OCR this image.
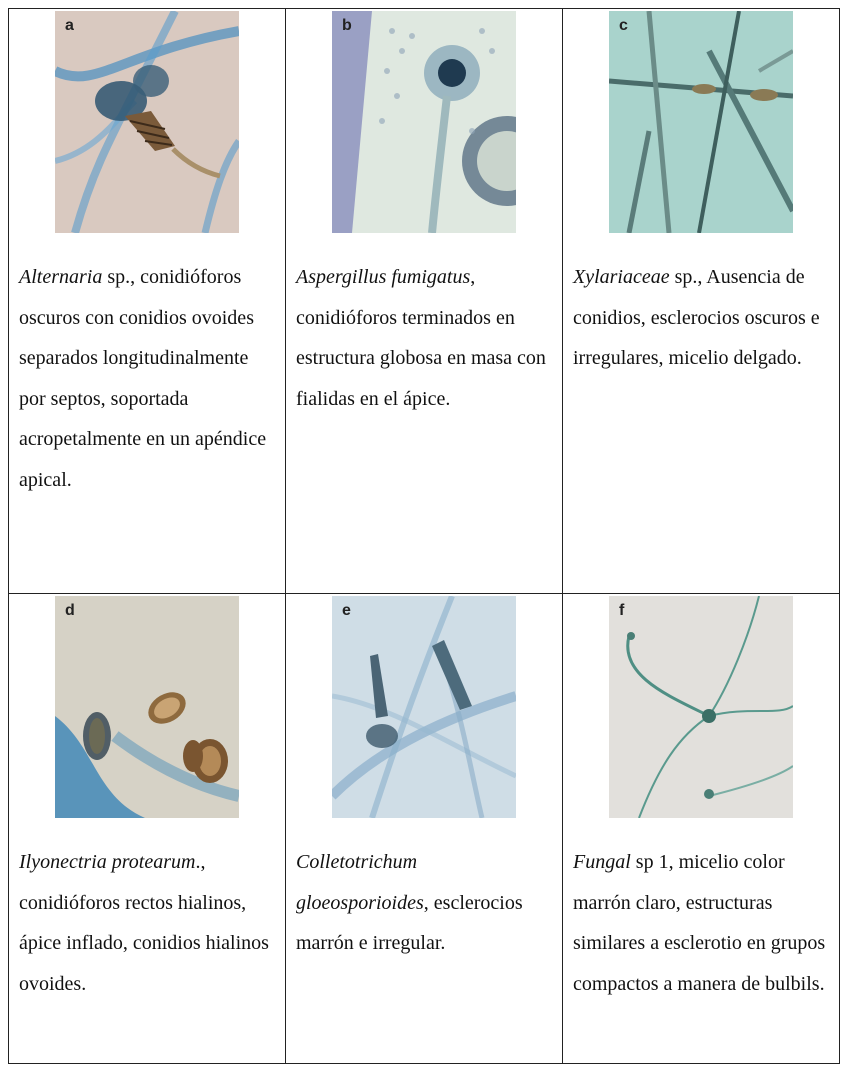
a
Alternaria sp., conidióforos oscuros con conidios ovoides separados longitudinalmente por septos, soportada acropetalmente en un apéndice apical.
b
Aspergillus fumigatus, conidióforos terminados en estructura globosa en masa con fialidas en el ápice.
c
Xylariaceae sp., Ausencia de conidios, esclerocios oscuros e irregulares, micelio delgado.
d
Ilyonectria protearum., conidióforos rectos hialinos, ápice inflado, conidios hialinos ovoides.
e
Colletotrichum gloeosporioides, esclerocios marrón e irregular.
f
Fungal sp 1, micelio color marrón claro, estructuras similares a esclerotio en grupos compactos a manera de bulbils.
